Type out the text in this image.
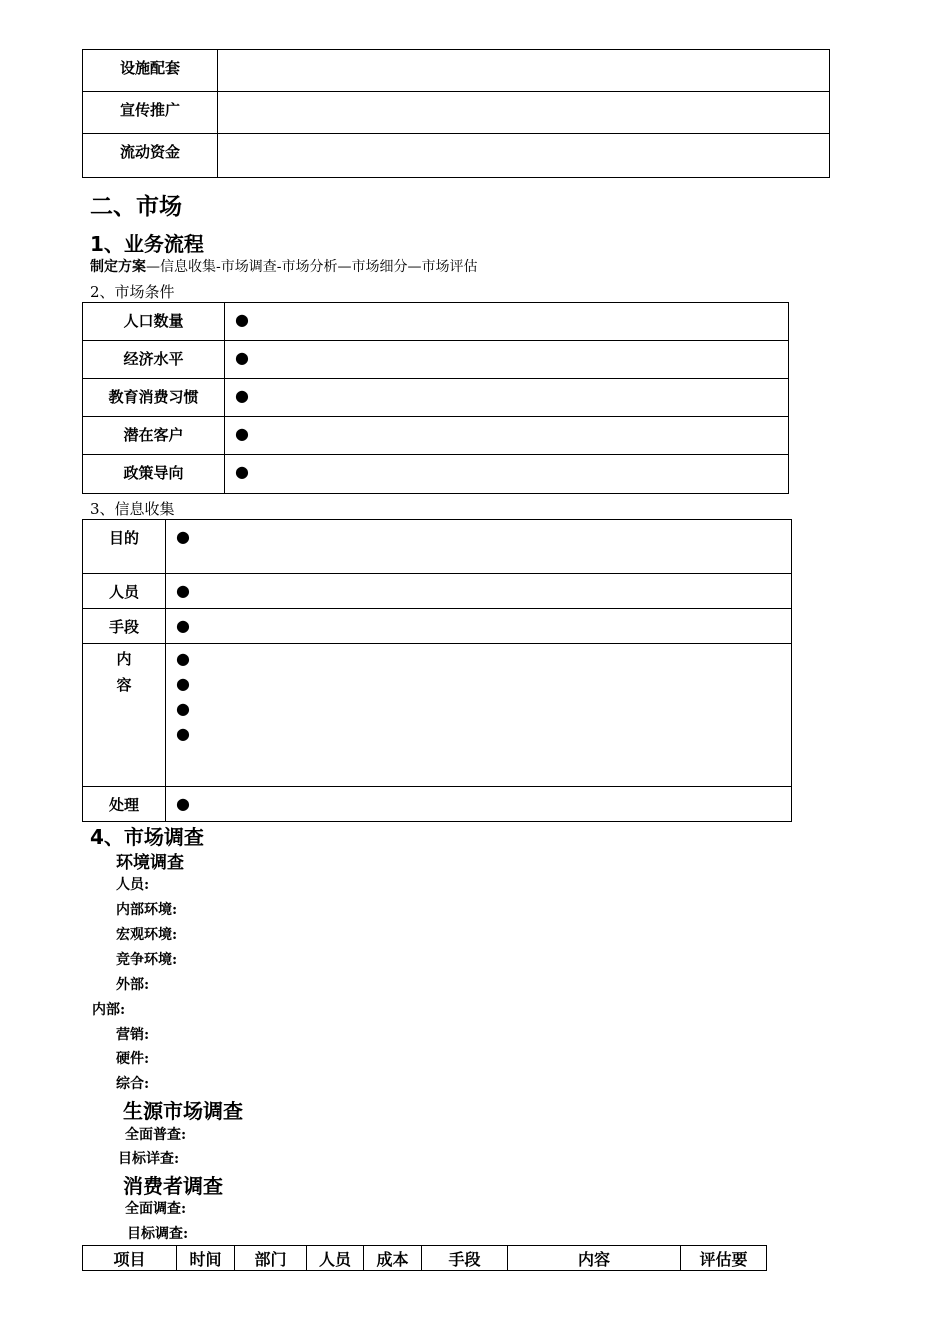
设施配套	
宣传推广	
流动资金	
二、市场
1、业务流程
制定方案—信息收集-市场调查-市场分析—市场细分—市场评估
2、市场条件
人口数量	●

经济水平	●

教育消费习惯	●

潜在客户	●

政策导向	●
3、信息收集
目的	●

人员	●

手段	●

内
容	●
●
●
●

处理	●
4、市场调查
环境调查
人员:
内部环境:
宏观环境:
竞争环境:
外部:
内部:
营销:
硬件:
综合:
生源市场调查
全面普查:
目标详查:
消费者调查
全面调查:
目标调查:
项目	时间	部门	人员	成本	手段	内容	评估要
